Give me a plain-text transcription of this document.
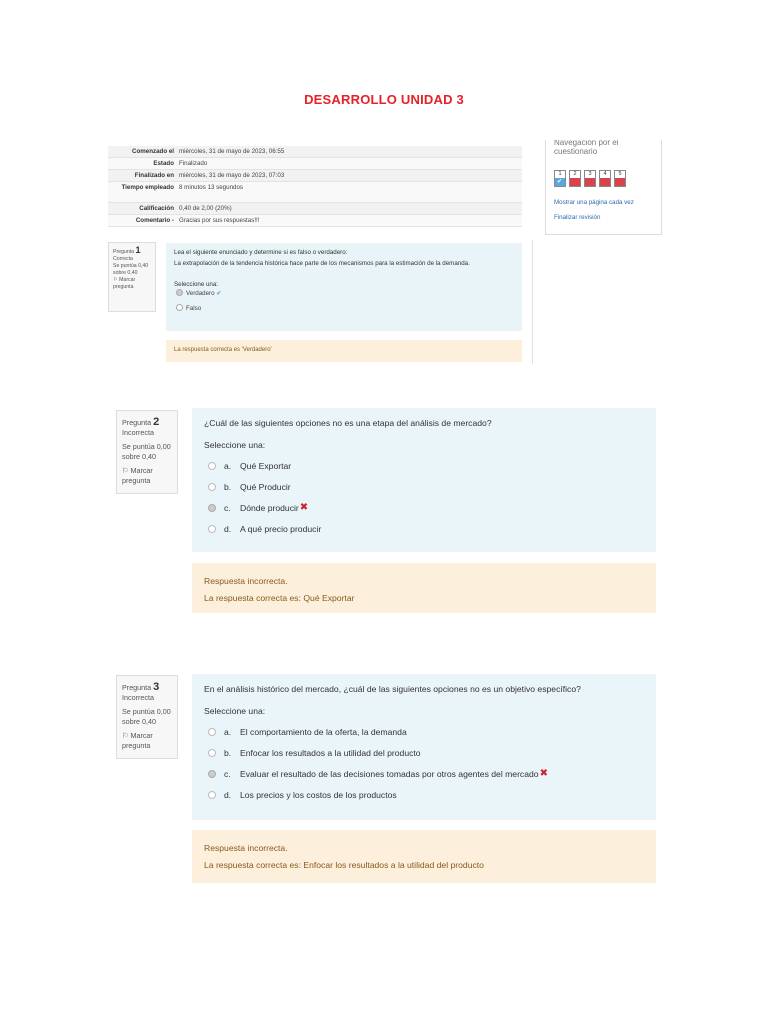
DESARROLLO UNIDAD 3
Comenzado el miércoles, 31 de mayo de 2023, 06:55
Estado Finalizado
Finalizado en miércoles, 31 de mayo de 2023, 07:03
Tiempo empleado 8 minutos 13 segundos
Calificación 0,40 de 2,00 (20%)
Comentario - Gracias por sus respuestas!!!
Navegación por el cuestionario
1
✔
2	3	4	5
Mostrar una página cada vez
Finalizar revisión
Pregunta 1
Correcta
Se puntúa 0,40 sobre 0,40
⚐ Marcar pregunta
Lea el siguiente enunciado y determine si es falso o verdadero:
La extrapolación de la tendencia histórica hace parte de los mecanismos para la estimación de la demanda.
Seleccione una:
Verdadero ✔
Falso
La respuesta correcta es 'Verdadero'
Pregunta 2
Incorrecta
Se puntúa 0,00 sobre 0,40
⚐ Marcar pregunta
¿Cuál de las siguientes opciones no es una etapa del análisis de mercado?
Seleccione una:
a.	Qué Exportar
b.	Qué Producir
c.	Dónde producir ✖
d.	A qué precio producir
Respuesta incorrecta.
La respuesta correcta es: Qué Exportar
Pregunta 3
Incorrecta
Se puntúa 0,00 sobre 0,40
⚐ Marcar pregunta
En el análisis histórico del mercado, ¿cuál de las siguientes opciones no es un objetivo específico?
Seleccione una:
a.	El comportamiento de la oferta, la demanda
b.	Enfocar los resultados a la utilidad del producto
c.	Evaluar el resultado de las decisiones tomadas por otros agentes del mercado ✖
d.	Los precios y los costos de los productos
Respuesta incorrecta.
La respuesta correcta es: Enfocar los resultados a la utilidad del producto
